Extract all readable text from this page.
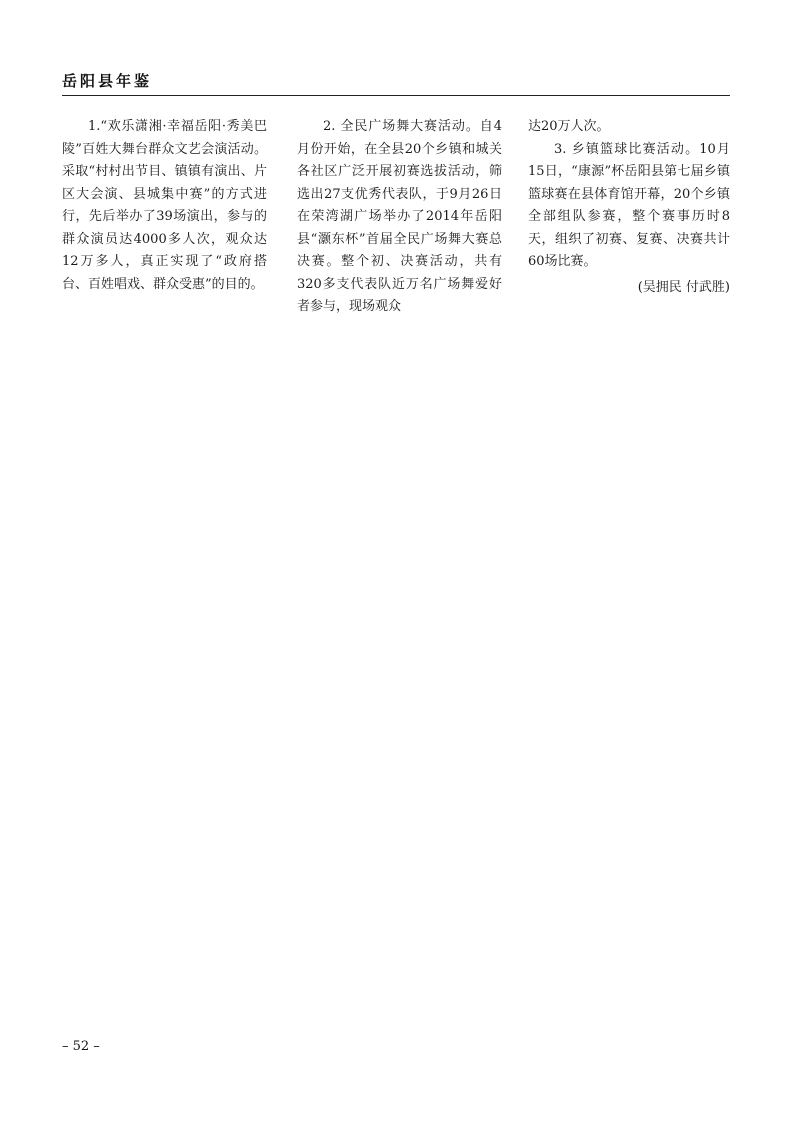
岳阳县年鉴

1.“欢乐潇湘·幸福岳阳·秀美巴陵”百姓大舞台群众文艺会演活动。采取“村村出节目、镇镇有演出、片区大会演、县城集中赛”的方式进行，先后举办了39场演出，参与的群众演员达4000多人次，观众达12万多人，真正实现了“政府搭台、百姓唱戏、群众受惠”的目的。

2. 全民广场舞大赛活动。自4月份开始，在全县20个乡镇和城关各社区广泛开展初赛选拔活动，筛选出27支优秀代表队，于9月26日在荣湾湖广场举办了2014年岳阳县“灏东杯”首届全民广场舞大赛总决赛。整个初、决赛活动，共有320多支代表队近万名广场舞爱好者参与，现场观众

达20万人次。

3. 乡镇篮球比赛活动。10月15日，“康源”杯岳阳县第七届乡镇篮球赛在县体育馆开幕，20个乡镇全部组队参赛，整个赛事历时8天，组织了初赛、复赛、决赛共计60场比赛。

(吴拥民 付武胜)

– 52 –
